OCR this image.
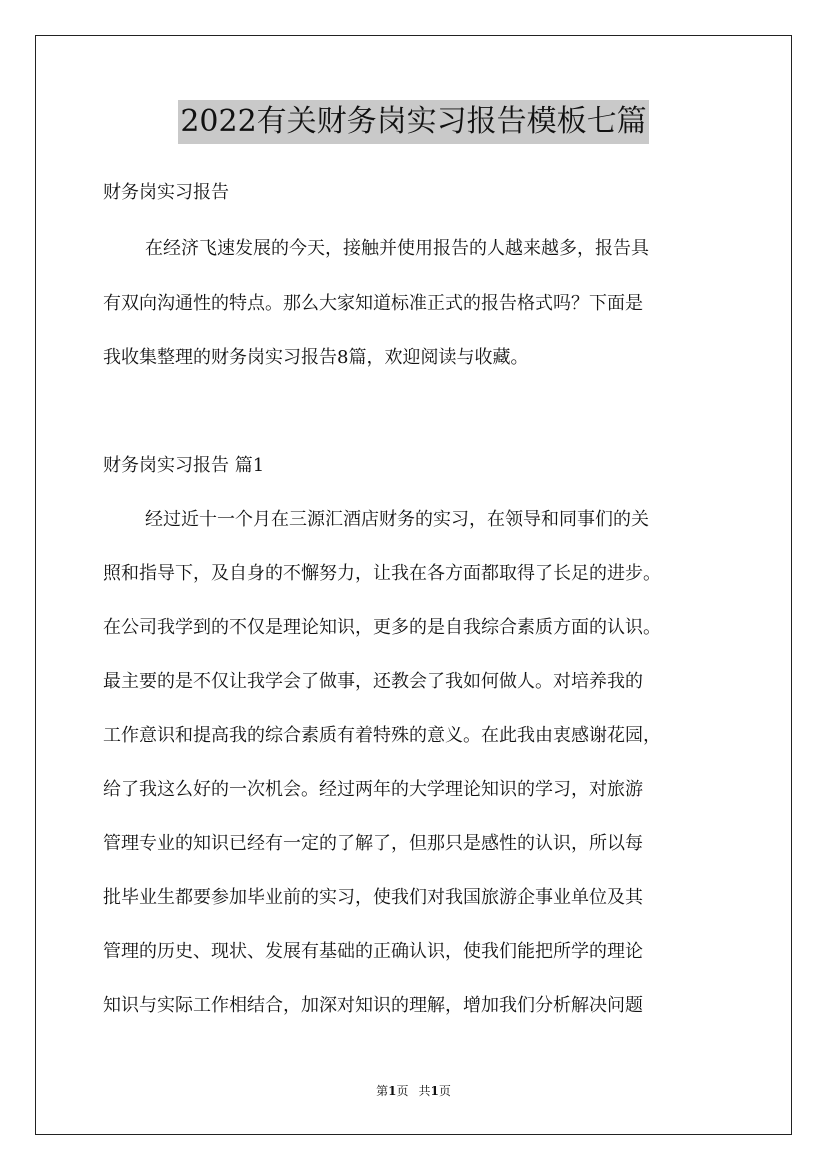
2022有关财务岗实习报告模板七篇

财务岗实习报告

在经济飞速发展的今天，接触并使用报告的人越来越多，报告具

有双向沟通性的特点。那么大家知道标准正式的报告格式吗？下面是

我收集整理的财务岗实习报告8篇，欢迎阅读与收藏。

财务岗实习报告 篇1

经过近十一个月在三源汇酒店财务的实习，在领导和同事们的关

照和指导下，及自身的不懈努力，让我在各方面都取得了长足的进步。

在公司我学到的不仅是理论知识，更多的是自我综合素质方面的认识。

最主要的是不仅让我学会了做事，还教会了我如何做人。对培养我的

工作意识和提高我的综合素质有着特殊的意义。在此我由衷感谢花园，

给了我这么好的一次机会。经过两年的大学理论知识的学习，对旅游

管理专业的知识已经有一定的了解了，但那只是感性的认识，所以每

批毕业生都要参加毕业前的实习，使我们对我国旅游企事业单位及其

管理的历史、现状、发展有基础的正确认识，使我们能把所学的理论

知识与实际工作相结合，加深对知识的理解，增加我们分析解决问题

第1页 共1页
